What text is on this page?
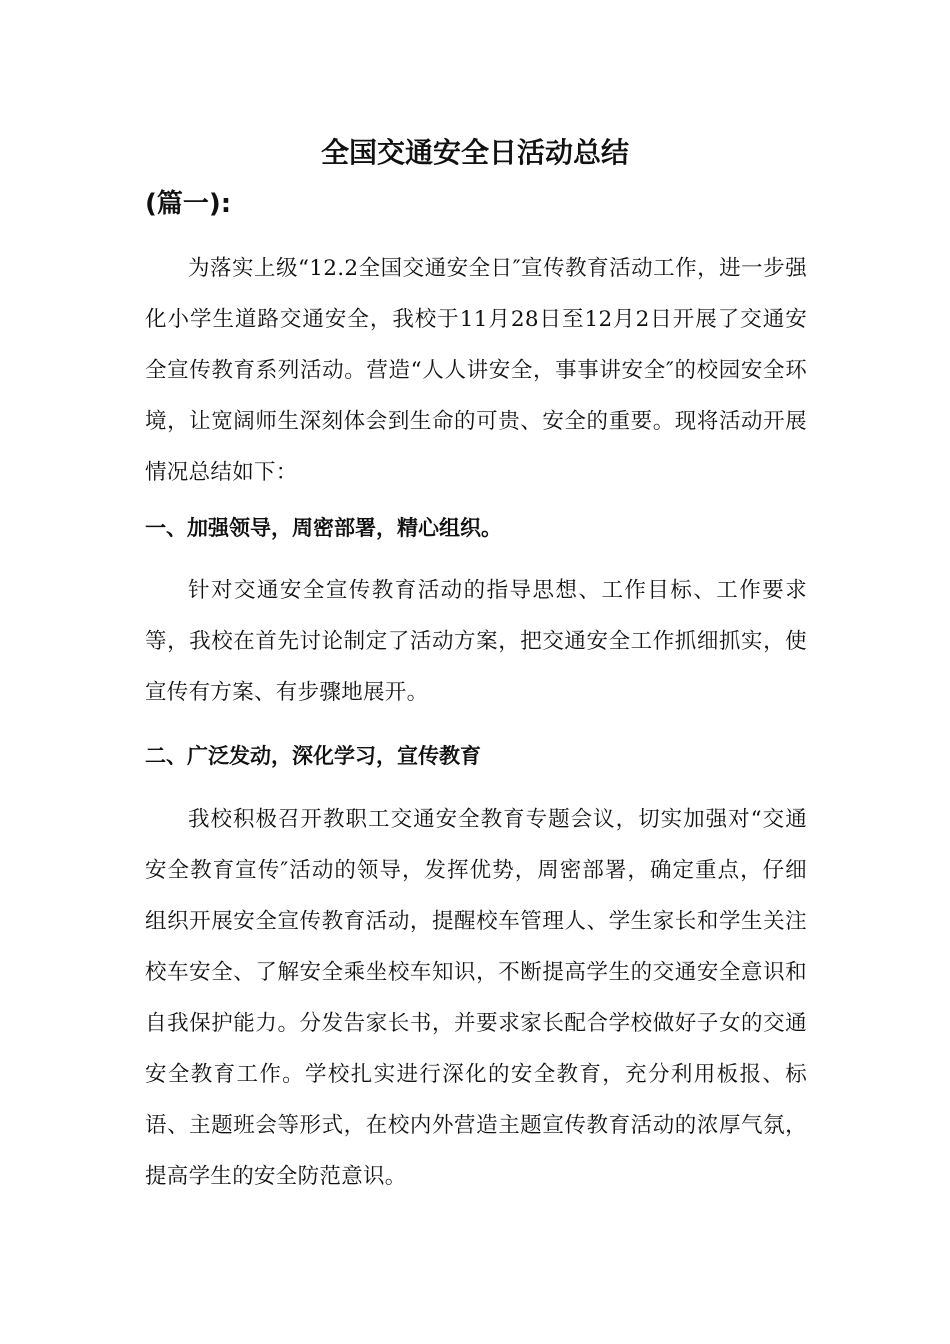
全国交通安全日活动总结
(篇一):

为落实上级“12.2全国交通安全日″宣传教育活动工作，进一步强化小学生道路交通安全，我校于11月28日至12月2日开展了交通安全宣传教育系列活动。营造“人人讲安全，事事讲安全″的校园安全环境，让宽阔师生深刻体会到生命的可贵、安全的重要。现将活动开展情况总结如下：

一、加强领导，周密部署，精心组织。

针对交通安全宣传教育活动的指导思想、工作目标、工作要求等，我校在首先讨论制定了活动方案，把交通安全工作抓细抓实，使宣传有方案、有步骤地展开。

二、广泛发动，深化学习，宣传教育

我校积极召开教职工交通安全教育专题会议，切实加强对“交通安全教育宣传″活动的领导，发挥优势，周密部署，确定重点，仔细组织开展安全宣传教育活动，提醒校车管理人、学生家长和学生关注校车安全、了解安全乘坐校车知识，不断提高学生的交通安全意识和自我保护能力。分发告家长书，并要求家长配合学校做好子女的交通安全教育工作。学校扎实进行深化的安全教育，充分利用板报、标语、主题班会等形式，在校内外营造主题宣传教育活动的浓厚气氛，提高学生的安全防范意识。
